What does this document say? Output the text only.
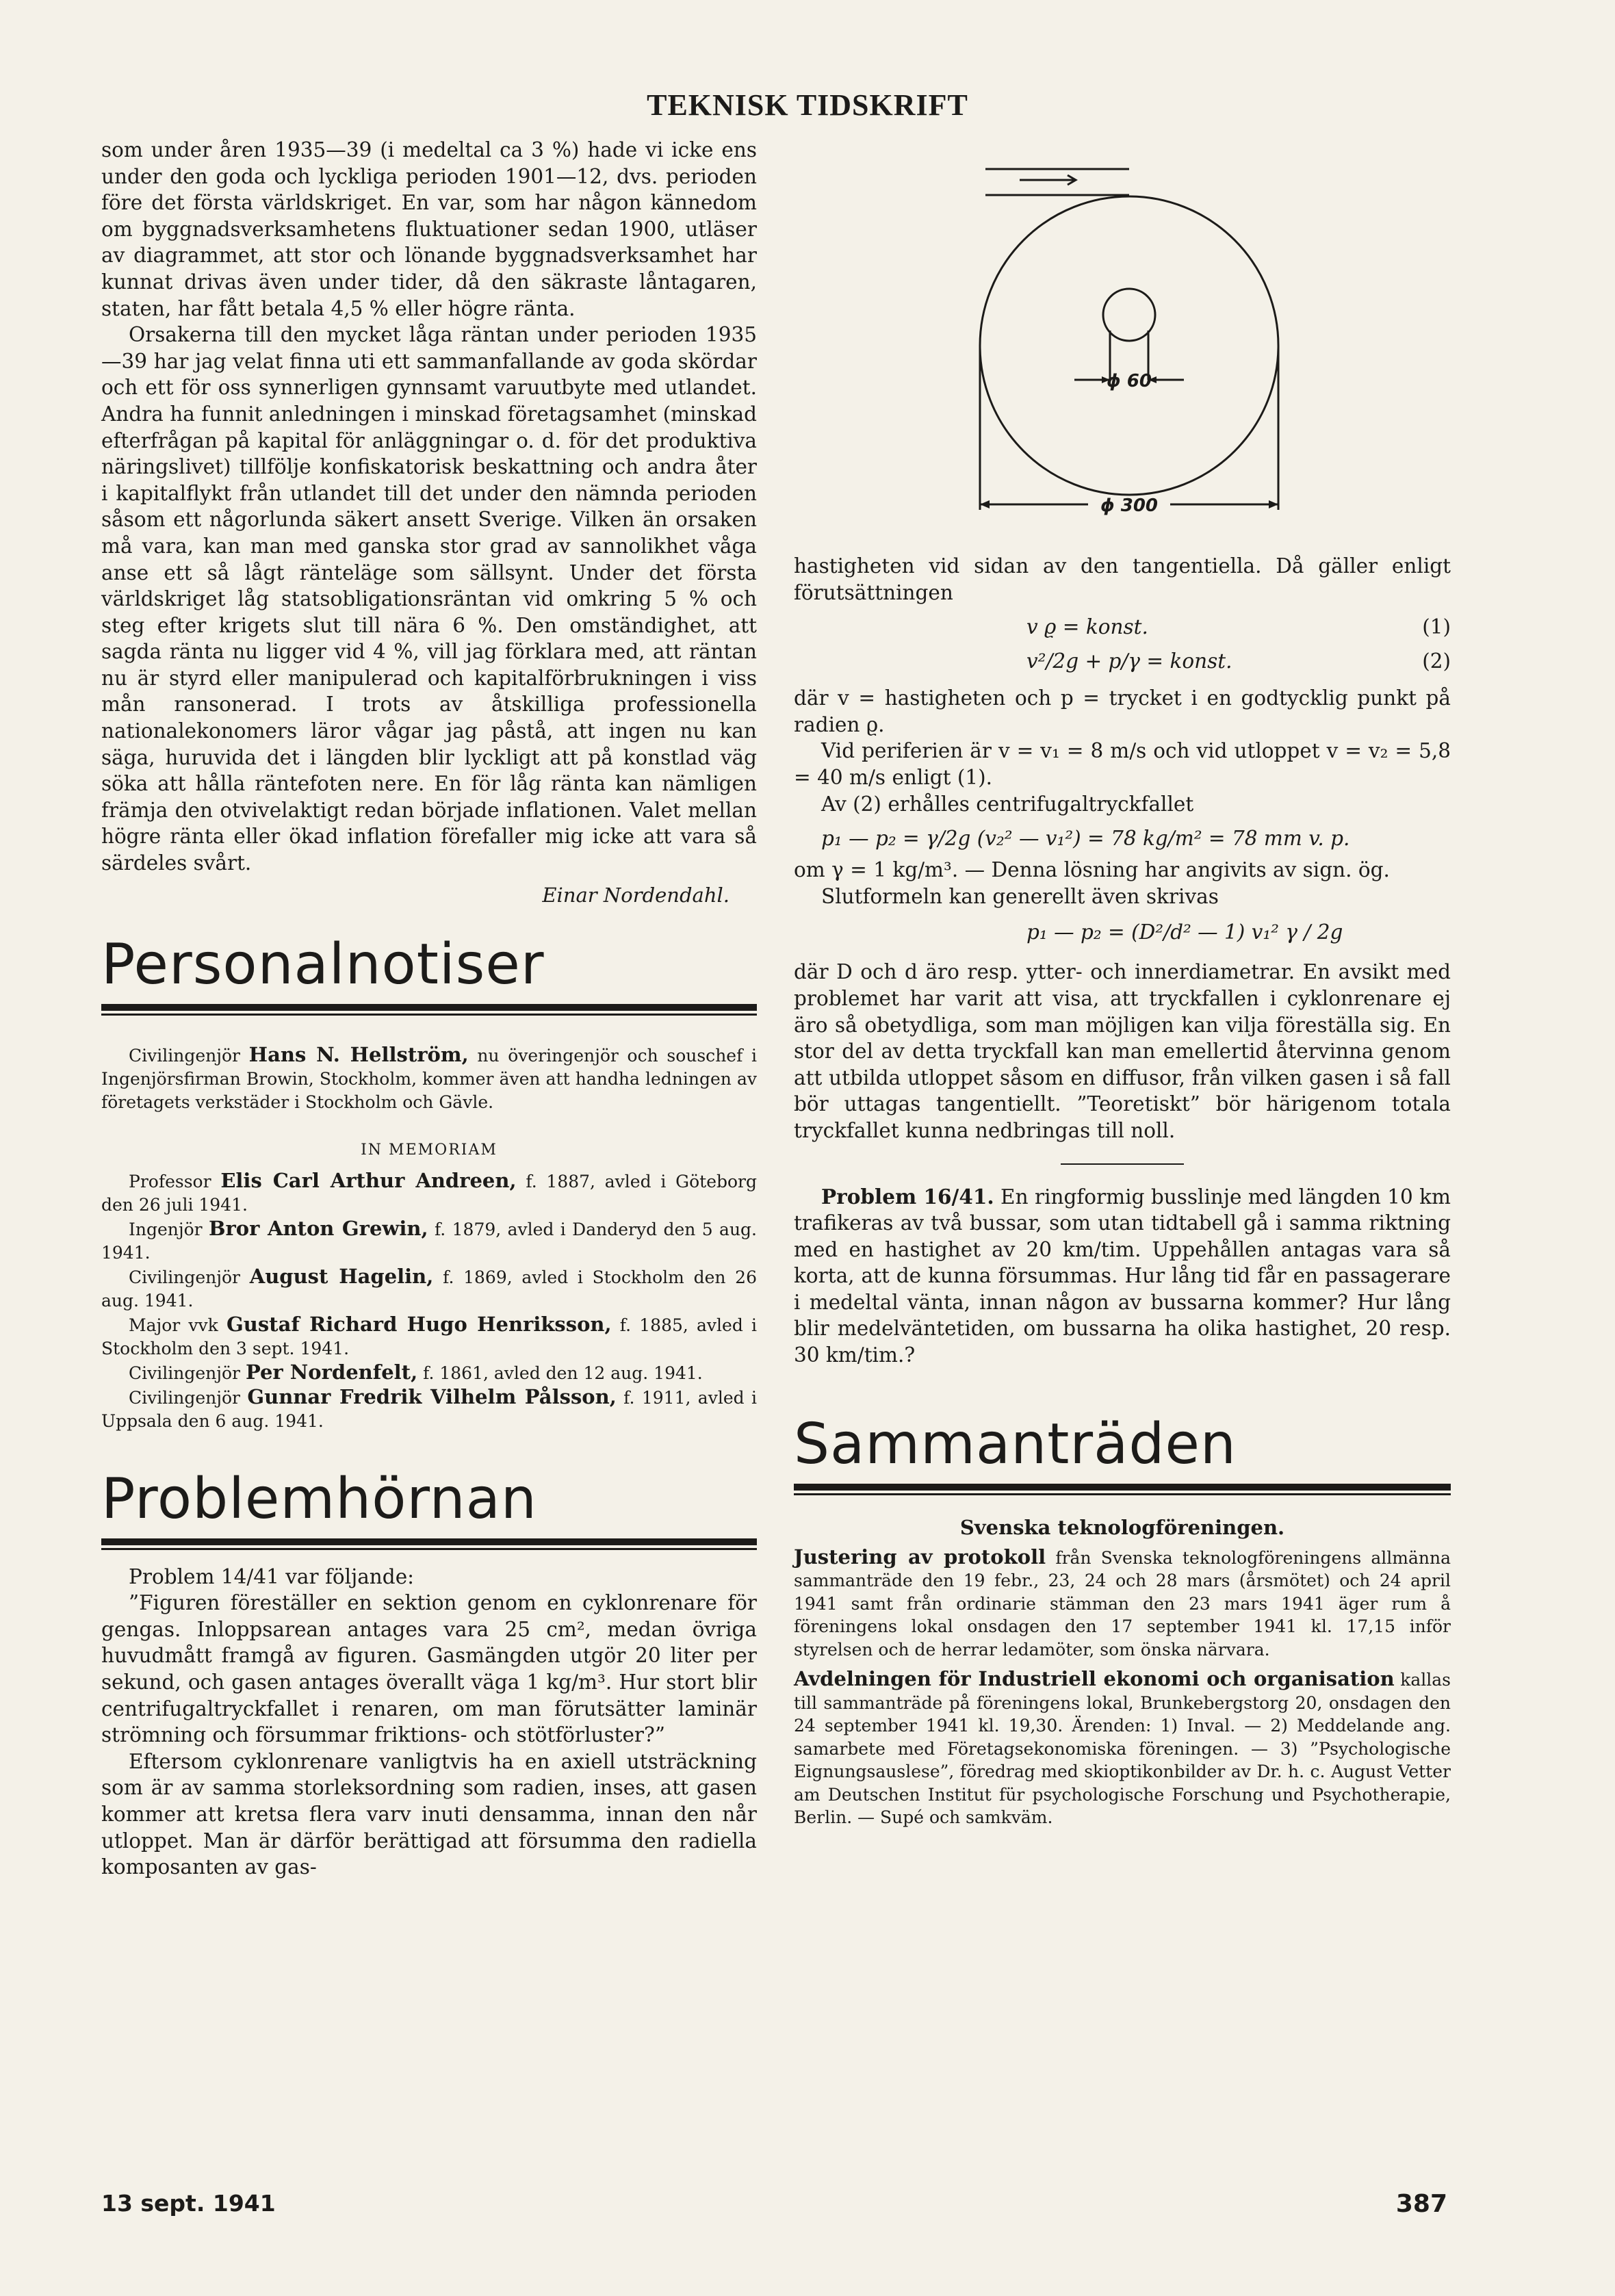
TEKNISK TIDSKRIFT

som under åren 1935—39 (i medeltal ca 3 %) hade vi icke ens under den goda och lyckliga perioden 1901—12, dvs. perioden före det första världskriget. En var, som har någon kännedom om byggnadsverksamhetens fluktuationer sedan 1900, utläser av diagrammet, att stor och lönande byggnadsverksamhet har kunnat drivas även under tider, då den säkraste låntagaren, staten, har fått betala 4,5 % eller högre ränta.

Orsakerna till den mycket låga räntan under perioden 1935—39 har jag velat finna uti ett sammanfallande av goda skördar och ett för oss synnerligen gynnsamt varuutbyte med utlandet. Andra ha funnit anledningen i minskad företagsamhet (minskad efterfrågan på kapital för anläggningar o. d. för det produktiva näringslivet) tillfölje konfiskatorisk beskattning och andra åter i kapitalflykt från utlandet till det under den nämnda perioden såsom ett någorlunda säkert ansett Sverige. Vilken än orsaken må vara, kan man med ganska stor grad av sannolikhet våga anse ett så lågt ränteläge som sällsynt. Under det första världskriget låg statsobligationsräntan vid omkring 5 % och steg efter krigets slut till nära 6 %. Den omständighet, att sagda ränta nu ligger vid 4 %, vill jag förklara med, att räntan nu är styrd eller manipulerad och kapitalförbrukningen i viss mån ransonerad. I trots av åtskilliga professionella nationalekonomers läror vågar jag påstå, att ingen nu kan säga, huruvida det i längden blir lyckligt att på konstlad väg söka att hålla räntefoten nere. En för låg ränta kan nämligen främja den otvivelaktigt redan började inflationen. Valet mellan högre ränta eller ökad inflation förefaller mig icke att vara så särdeles svårt.

Einar Nordendahl.
Personalnotiser

Civilingenjör Hans N. Hellström, nu överingenjör och souschef i Ingenjörsfirman Browin, Stockholm, kommer även att handha ledningen av företagets verkstäder i Stockholm och Gävle.

IN MEMORIAM

Professor Elis Carl Arthur Andreen, f. 1887, avled i Göteborg den 26 juli 1941.

Ingenjör Bror Anton Grewin, f. 1879, avled i Danderyd den 5 aug. 1941.

Civilingenjör August Hagelin, f. 1869, avled i Stockholm den 26 aug. 1941.

Major vvk Gustaf Richard Hugo Henriksson, f. 1885, avled i Stockholm den 3 sept. 1941.

Civilingenjör Per Nordenfelt, f. 1861, avled den 12 aug. 1941.

Civilingenjör Gunnar Fredrik Vilhelm Pålsson, f. 1911, avled i Uppsala den 6 aug. 1941.

Problemhörnan

Problem 14/41 var följande:

”Figuren föreställer en sektion genom en cyklonrenare för gengas. Inloppsarean antages vara 25 cm², medan övriga huvudmått framgå av figuren. Gasmängden utgör 20 liter per sekund, och gasen antages överallt väga 1 kg/m³. Hur stort blir centrifugaltryckfallet i renaren, om man förutsätter laminär strömning och försummar friktions- och stötförluster?”

Eftersom cyklonrenare vanligtvis ha en axiell utsträckning som är av samma storleksordning som radien, inses, att gasen kommer att kretsa flera varv inuti densamma, innan den når utloppet. Man är därför berättigad att försumma den radiella komposanten av gas-

ϕ 60
ϕ 300

hastigheten vid sidan av den tangentiella. Då gäller enligt förutsättningen

v ϱ = konst.	(1)
v²/2g + p/γ = konst.	(2)

där v = hastigheten och p = trycket i en godtycklig punkt på radien ϱ.

Vid periferien är v = v₁ = 8 m/s och vid utloppet v = v₂ = 5,8 = 40 m/s enligt (1).

Av (2) erhålles centrifugaltryckfallet

p₁ — p₂ = γ/2g (v₂² — v₁²) = 78 kg/m² = 78 mm v. p.

om γ = 1 kg/m³. — Denna lösning har angivits av sign. ög.

Slutformeln kan generellt även skrivas

p₁ — p₂ = (D²/d² — 1) v₁² γ / 2g

där D och d äro resp. ytter- och innerdiametrar. En avsikt med problemet har varit att visa, att tryckfallen i cyklonrenare ej äro så obetydliga, som man möjligen kan vilja föreställa sig. En stor del av detta tryckfall kan man emellertid återvinna genom att utbilda utloppet såsom en diffusor, från vilken gasen i så fall bör uttagas tangentiellt. ”Teoretiskt” bör härigenom totala tryckfallet kunna nedbringas till noll.

Problem 16/41. En ringformig busslinje med längden 10 km trafikeras av två bussar, som utan tidtabell gå i samma riktning med en hastighet av 20 km/tim. Uppehållen antagas vara så korta, att de kunna försummas. Hur lång tid får en passagerare i medeltal vänta, innan någon av bussarna kommer? Hur lång blir medelväntetiden, om bussarna ha olika hastighet, 20 resp. 30 km/tim.?

Sammanträden
Svenska teknologföreningen.

Justering av protokoll från Svenska teknologföreningens allmänna sammanträde den 19 febr., 23, 24 och 28 mars (årsmötet) och 24 april 1941 samt från ordinarie stämman den 23 mars 1941 äger rum å föreningens lokal onsdagen den 17 september 1941 kl. 17,15 inför styrelsen och de herrar ledamöter, som önska närvara.

Avdelningen för Industriell ekonomi och organisation kallas till sammanträde på föreningens lokal, Brunkebergstorg 20, onsdagen den 24 september 1941 kl. 19,30. Ärenden: 1) Inval. — 2) Meddelande ang. samarbete med Företagsekonomiska föreningen. — 3) ”Psychologische Eignungsauslese”, föredrag med skioptikonbilder av Dr. h. c. August Vetter am Deutschen Institut für psychologische Forschung und Psychotherapie, Berlin. — Supé och samkväm.

13 sept. 1941	387
